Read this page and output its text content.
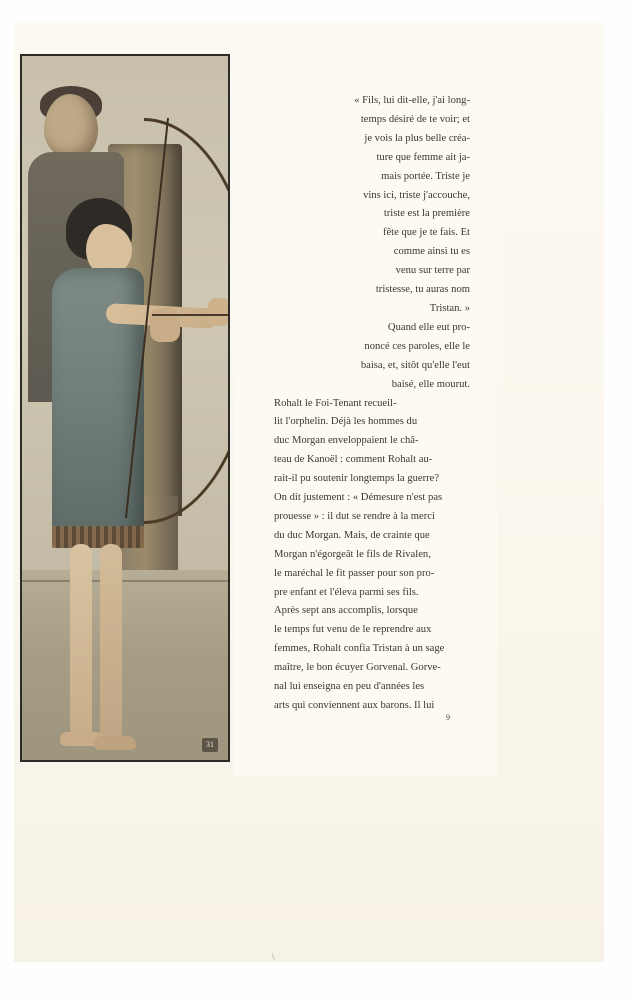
31

« Fils, lui dit-elle, j'ai long-
temps désiré de te voir; et
je vois la plus belle créa-
ture que femme ait ja-
mais portée. Triste je
vins ici, triste j'accouche,
triste est la première
fête que je te fais. Et
comme ainsi tu es
venu sur terre par
tristesse, tu auras nom
Tristan. »

Quand elle eut pro-
noncé ces paroles, elle le
baisa, et, sitôt qu'elle l'eut
baisé, elle mourut.

Rohalt le Foi-Tenant recueil-
lit l'orphelin. Déjà les hommes du
duc Morgan enveloppaient le châ-
teau de Kanoël : comment Rohalt au-
rait-il pu soutenir longtemps la guerre?
On dit justement : « Démesure n'est pas
prouesse » : il dut se rendre à la merci
du duc Morgan. Mais, de crainte que
Morgan n'égorgeât le fils de Rivalen,
le maréchal le fit passer pour son pro-
pre enfant et l'éleva parmi ses fils.

Après sept ans accomplis, lorsque
le temps fut venu de le reprendre aux
femmes, Rohalt confia Tristan à un sage
maître, le bon écuyer Gorvenal. Gorve-
nal lui enseigna en peu d'années les
arts qui conviennent aux barons. Il lui

9
\
